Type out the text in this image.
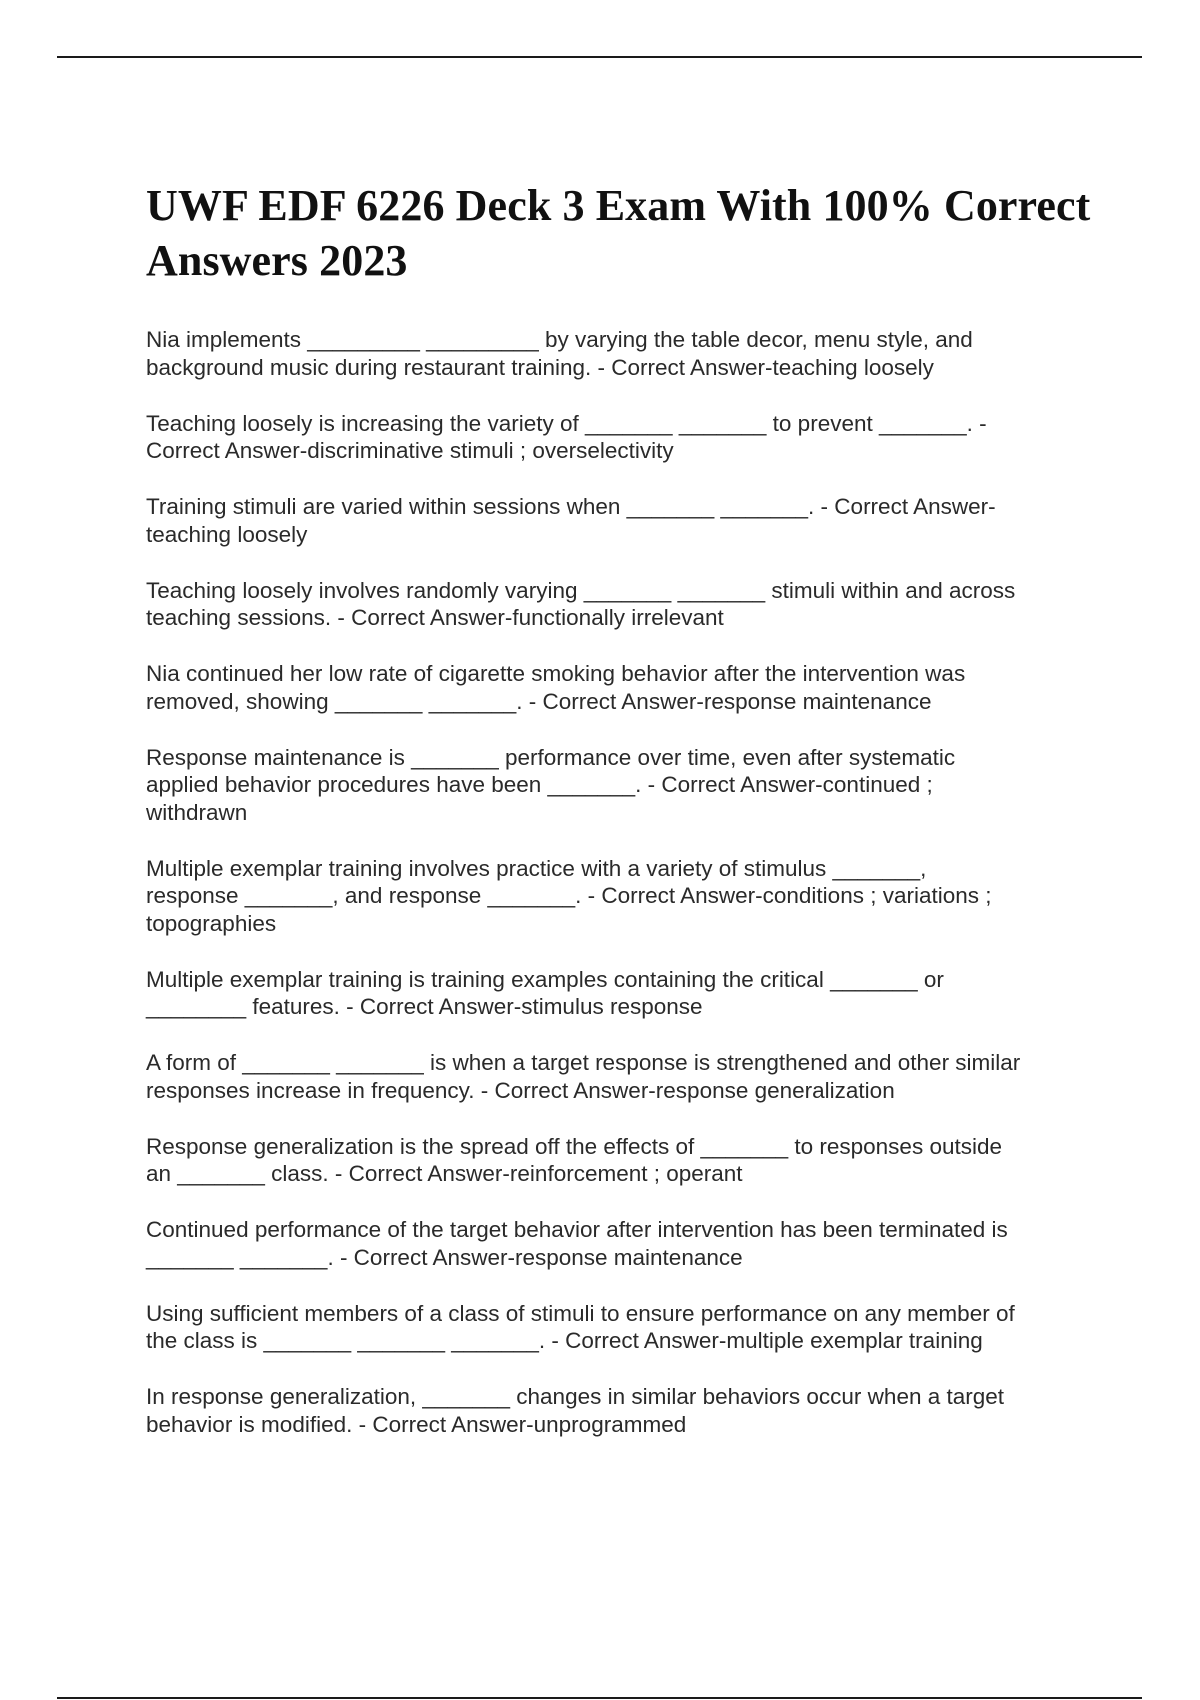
UWF EDF 6226 Deck 3 Exam With 100% Correct Answers 2023

Nia implements _________ _________ by varying the table decor, menu style, and
background music during restaurant training. - Correct Answer-teaching loosely

Teaching loosely is increasing the variety of _______ _______ to prevent _______. -
Correct Answer-discriminative stimuli ; overselectivity

Training stimuli are varied within sessions when _______ _______. - Correct Answer-
teaching loosely

Teaching loosely involves randomly varying _______ _______ stimuli within and across
teaching sessions. - Correct Answer-functionally irrelevant

Nia continued her low rate of cigarette smoking behavior after the intervention was
removed, showing _______ _______. - Correct Answer-response maintenance

Response maintenance is _______ performance over time, even after systematic
applied behavior procedures have been _______. - Correct Answer-continued ;
withdrawn

Multiple exemplar training involves practice with a variety of stimulus _______,
response _______, and response _______. - Correct Answer-conditions ; variations ;
topographies

Multiple exemplar training is training examples containing the critical _______ or
________ features. - Correct Answer-stimulus response

A form of _______ _______ is when a target response is strengthened and other similar
responses increase in frequency. - Correct Answer-response generalization

Response generalization is the spread off the effects of _______ to responses outside
an _______ class. - Correct Answer-reinforcement ; operant

Continued performance of the target behavior after intervention has been terminated is
_______ _______. - Correct Answer-response maintenance

Using sufficient members of a class of stimuli to ensure performance on any member of
the class is _______ _______ _______. - Correct Answer-multiple exemplar training

In response generalization, _______ changes in similar behaviors occur when a target
behavior is modified. - Correct Answer-unprogrammed
